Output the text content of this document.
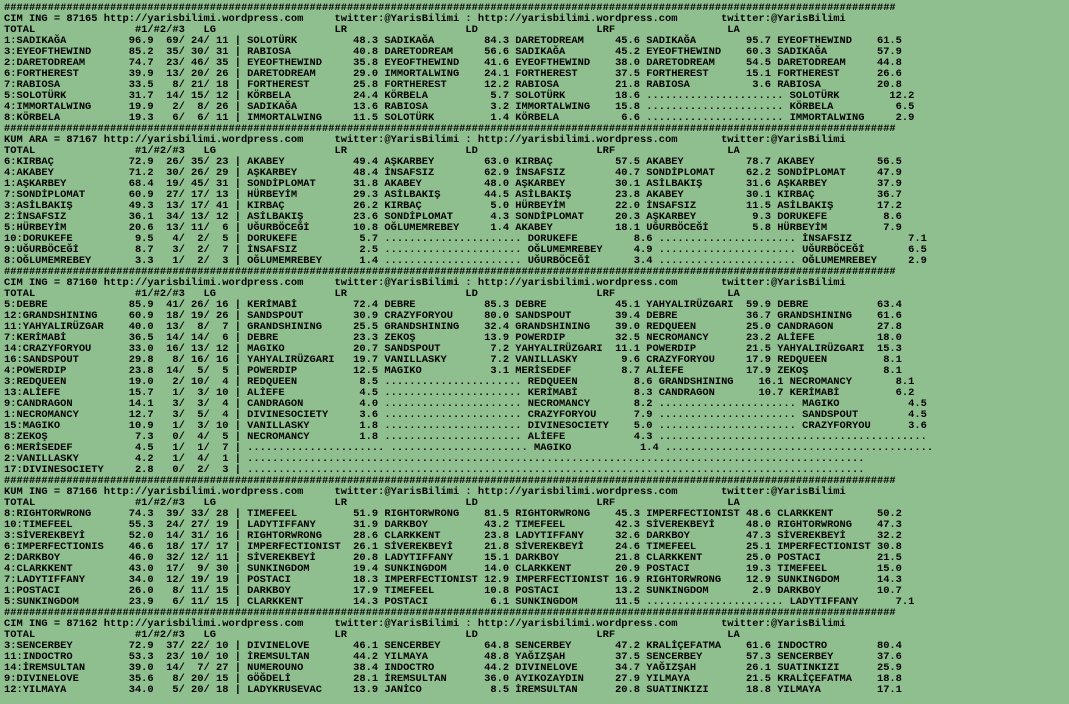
###############################################################################################################################################
CIM ING = 87165 http://yarisbilimi.wordpress.com     twitter:@YarisBilimi : http://yarisbilimi.wordpress.com       twitter:@YarisBilimi
TOTAL                #1/#2/#3   LG                   LR                   LD                   LRF                  LA
1:SADIKAĞA          96.9  69/ 24/ 11 | SOLOTÜRK         48.3 SADIKAĞA        84.3 DARETODREAM     45.6 SADIKAĞA        95.7 EYEOFTHEWIND    61.5
3:EYEOFTHEWIND      85.2  35/ 30/ 31 | RABIOSA          40.8 DARETODREAM     56.6 SADIKAĞA        45.2 EYEOFTHEWIND    60.3 SADIKAĞA        57.9
2:DARETODREAM       74.7  23/ 46/ 35 | EYEOFTHEWIND     35.8 EYEOFTHEWIND    41.6 EYEOFTHEWIND    38.0 DARETODREAM     54.5 DARETODREAM     44.8
6:FORTHEREST        39.9  13/ 20/ 26 | DARETODREAM      29.0 IMMORTALWING    24.1 FORTHEREST      37.5 FORTHEREST      15.1 FORTHEREST      26.6
7:RABIOSA           33.5   8/ 21/ 18 | FORTHEREST       25.8 FORTHEREST      12.2 RABIOSA         21.8 RABIOSA          3.6 RABIOSA         20.8
5:SOLOTÜRK          31.7  14/ 15/ 12 | KÖRBELA          24.4 KÖRBELA          5.7 SOLOTÜRK        18.6 ...................... SOLOTÜRK        12.2
4:IMMORTALWING      19.9   2/  8/ 26 | SADIKAĞA         13.6 RABIOSA          3.2 IMMORTALWING    15.8 ...................... KÖRBELA          6.5
8:KÖRBELA           19.3   6/  6/ 11 | IMMORTALWING     11.5 SOLOTÜRK         1.4 KÖRBELA          6.6 ...................... IMMORTALWING     2.9
###############################################################################################################################################
KUM ARA = 87167 http://yarisbilimi.wordpress.com     twitter:@YarisBilimi : http://yarisbilimi.wordpress.com       twitter:@YarisBilimi
TOTAL                #1/#2/#3   LG                   LR                   LD                   LRF                  LA
6:KIRBAÇ            72.9  26/ 35/ 23 | AKABEY           49.4 AŞKARBEY        63.0 KIRBAÇ          57.5 AKABEY          78.7 AKABEY          56.5
4:AKABEY            71.2  30/ 26/ 29 | AŞKARBEY         48.4 İNSAFSIZ        62.9 İNSAFSIZ        40.7 SONDİPLOMAT     62.2 SONDİPLOMAT     47.9
1:AŞKARBEY          68.4  19/ 45/ 31 | SONDİPLOMAT      31.8 AKABEY          48.0 AŞKARBEY        30.1 ASİLBAKIŞ       31.6 AŞKARBEY        37.9
7:SONDİPLOMAT       60.9  27/ 17/ 13 | HÜRBEYİM         29.3 ASİLBAKIŞ       44.5 ASİLBAKIŞ       23.8 AKABEY          30.1 KIRBAÇ          36.7
3:ASİLBAKIŞ         49.3  13/ 17/ 41 | KIRBAÇ           26.2 KIRBAÇ           5.0 HÜRBEYİM        22.0 İNSAFSIZ        11.5 ASİLBAKIŞ       17.2
2:İNSAFSIZ          36.1  34/ 13/ 12 | ASİLBAKIŞ        23.6 SONDİPLOMAT      4.3 SONDİPLOMAT     20.3 AŞKARBEY         9.3 DORUKEFE         8.6
5:HÜRBEYİM          20.6  13/ 11/  6 | UĞURBÖCEĞİ       10.8 OĞLUMEMREBEY     1.4 AKABEY          18.1 UĞURBÖCEĞİ       5.8 HÜRBEYİM         7.9
10:DORUKEFE          9.5   4/  2/  5 | DORUKEFE          5.7 ...................... DORUKEFE         8.6 ...................... İNSAFSIZ         7.1
9:UĞURBÖCEĞİ         8.7   3/  2/  7 | İNSAFSIZ          2.5 ...................... OĞLUMEMREBEY     4.9 ...................... UĞURBÖCEĞİ       6.5
8:OĞLUMEMREBEY       3.3   1/  2/  3 | OĞLUMEMREBEY      1.4 ...................... UĞURBÖCEĞİ       3.4 ...................... OĞLUMEMREBEY     2.9
###############################################################################################################################################
CIM ING = 87160 http://yarisbilimi.wordpress.com     twitter:@YarisBilimi : http://yarisbilimi.wordpress.com       twitter:@YarisBilimi
TOTAL                #1/#2/#3   LG                   LR                   LD                   LRF                  LA
5:DEBRE             85.9  41/ 26/ 16 | KERİMABİ         72.4 DEBRE           85.3 DEBRE           45.1 YAHYALIRÜZGARI  59.9 DEBRE           63.4
12:GRANDSHINING     60.9  18/ 19/ 26 | SANDSPOUT        30.9 CRAZYFORYOU     80.0 SANDSPOUT       39.4 DEBRE           36.7 GRANDSHINING    61.6
11:YAHYALIRÜZGAR    40.0  13/  8/  7 | GRANDSHINING     25.5 GRANDSHINING    32.4 GRANDSHINING    39.0 REDQUEEN        25.0 CANDRAGON       27.8
7:KERİMABİ          36.5  14/ 14/  6 | DEBRE            23.3 ZEKOŞ           13.9 POWERDIP        32.5 NECROMANCY      23.2 ALİEFE          18.0
14:CRAZYFORYOU      33.0  16/ 13/ 12 | MAGIKO           20.7 SANDSPOUT        7.2 YAHYALIRÜZGARI  11.1 POWERDIP        21.5 YAHYALIRÜZGARI  15.3
16:SANDSPOUT        29.8   8/ 16/ 16 | YAHYALIRÜZGARI   19.7 VANILLASKY       7.2 VANILLASKY       9.6 CRAZYFORYOU     17.9 REDQUEEN         8.1
4:POWERDIP          23.8  14/  5/  5 | POWERDIP         12.5 MAGIKO           3.1 MERİSEDEF        8.7 ALİEFE          17.9 ZEKOŞ            8.1
3:REDQUEEN          19.0   2/ 10/  4 | REDQUEEN          8.5 ...................... REDQUEEN         8.6 GRANDSHINING    16.1 NECROMANCY       8.1
13:ALİEFE           15.7   1/  3/ 10 | ALİEFE            4.5 ...................... KERİMABİ         8.3 CANDRAGON       10.7 KERİMABİ         6.2
9:CANDRAGON         14.1   3/  3/  4 | CANDRAGON         4.0 ...................... NECROMANCY       8.2 ...................... MAGIKO           4.5
1:NECROMANCY        12.7   3/  5/  4 | DIVINESOCIETY     3.6 ...................... CRAZYFORYOU      7.9 ...................... SANDSPOUT        4.5
15:MAGIKO           10.9   1/  3/ 10 | VANILLASKY        1.8 ...................... DIVINESOCIETY    5.0 ...................... CRAZYFORYOU      3.6
8:ZEKOŞ              7.3   0/  4/  5 | NECROMANCY        1.8 ...................... ALİEFE           4.3 ...........................................
6:MERİSEDEF          4.5   1/  1/  7 | ...................... ...................... MAGIKO           1.4 ...........................................
2:VANILLASKY         4.2   1/  4/  1 | ...................................................................................................
17:DIVINESOCIETY     2.8   0/  2/  3 | ...................................................................................................
###############################################################################################################################################
KUM ING = 87166 http://yarisbilimi.wordpress.com     twitter:@YarisBilimi : http://yarisbilimi.wordpress.com       twitter:@YarisBilimi
TOTAL                #1/#2/#3   LG                   LR                   LD                   LRF                  LA
8:RIGHTORWRONG      74.3  39/ 33/ 28 | TIMEFEEL         51.9 RIGHTORWRONG    81.5 RIGHTORWRONG    45.3 IMPERFECTIONIST 48.6 CLARKKENT       50.2
10:TIMEFEEL         55.3  24/ 27/ 19 | LADYTIFFANY      31.9 DARKBOY         43.2 TIMEFEEL        42.3 SİVEREKBEYİ     48.0 RIGHTORWRONG    47.3
3:SİVEREKBEYİ       52.0  14/ 31/ 16 | RIGHTORWRONG     28.6 CLARKKENT       23.8 LADYTIFFANY     32.6 DARKBOY         47.3 SİVEREKBEYİ     32.2
6:IMPERFECTIONIS    46.6  18/ 17/ 17 | IMPERFECTIONIST  26.1 SİVEREKBEYİ     21.8 SİVEREKBEYİ     24.6 TIMEFEEL        25.1 IMPERFECTIONIST 30.8
2:DARKBOY           46.0  32/ 12/ 11 | SİVEREKBEYİ      20.8 LADYTIFFANY     15.1 DARKBOY         21.8 CLARKKENT       25.0 POSTACI         21.5
4:CLARKKENT         43.0  17/  9/ 30 | SUNKINGDOM       19.4 SUNKINGDOM      14.0 CLARKKENT       20.9 POSTACI         19.3 TIMEFEEL        15.0
7:LADYTIFFANY       34.0  12/ 19/ 19 | POSTACI          18.3 IMPERFECTIONIST 12.9 IMPERFECTIONIST 16.9 RIGHTORWRONG    12.9 SUNKINGDOM      14.3
1:POSTACI           26.0   8/ 11/ 15 | DARKBOY          17.9 TIMEFEEL        10.8 POSTACI         13.2 SUNKINGDOM       2.9 DARKBOY         10.7
5:SUNKINGDOM        23.9   6/ 11/ 15 | CLARKKENT        14.3 POSTACI          6.1 SUNKINGDOM      11.5 ...................... LADYTIFFANY      7.1
###############################################################################################################################################
CIM ING = 87162 http://yarisbilimi.wordpress.com     twitter:@YarisBilimi : http://yarisbilimi.wordpress.com       twitter:@YarisBilimi
TOTAL                #1/#2/#3   LG                   LR                   LD                   LRF                  LA
3:SENCERBEY         72.9  37/ 22/ 10 | DIVINELOVE       46.1 SENCERBEY       64.8 SENCERBEY       47.2 KRALİÇEFATMA    61.6 INDOCTRO        80.4
11:INDOCTRO         53.3  23/ 10/ 10 | İREMSULTAN       44.2 YILMAYA         48.8 YAĞIZŞAH        37.5 SENCERBEY       57.3 SENCERBEY       37.6
14:İREMSULTAN       39.0  14/  7/ 27 | NUMEROUNO        38.4 INDOCTRO        44.2 DIVINELOVE      34.7 YAĞIZŞAH        26.1 SUATINKIZI      25.9
9:DIVINELOVE        35.6   8/ 20/ 15 | GÖĞDELİ          28.1 İREMSULTAN      36.0 AYIKOZAYDIN     27.9 YILMAYA         21.5 KRALİÇEFATMA    18.8
12:YILMAYA          34.0   5/ 20/ 18 | LADYKRUSEVAC     13.9 JANİCO           8.5 İREMSULTAN      20.8 SUATINKIZI      18.8 YILMAYA         17.1
